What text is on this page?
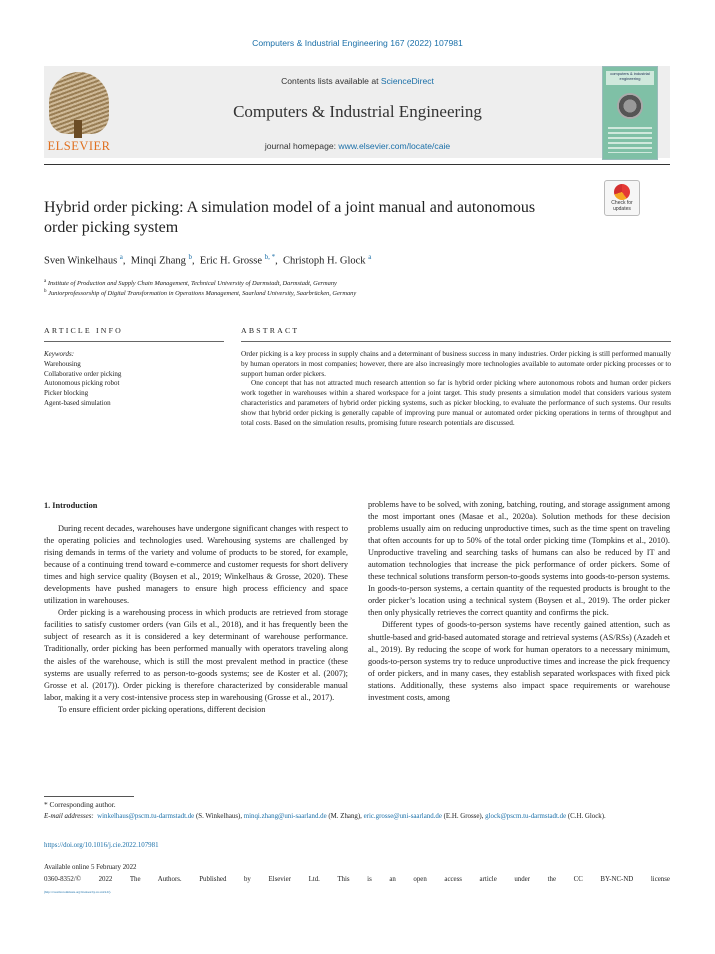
Computers & Industrial Engineering 167 (2022) 107981
ELSEVIER
Contents lists available at ScienceDirect
Computers & Industrial Engineering
journal homepage: www.elsevier.com/locate/caie
computers & industrial engineering
Check for
updates
Hybrid order picking: A simulation model of a joint manual and autonomous order picking system
Sven Winkelhaus $^a$,  Minqi Zhang $^b$,  Eric H. Grosse $^{b, *}$,  Christoph H. Glock $^a$
$^a$ Institute of Production and Supply Chain Management, Technical University of Darmstadt, Darmstadt, Germany
$^b$ Juniorprofessorship of Digital Transformation in Operations Management, Saarland University, Saarbrücken, Germany
ARTICLE INFO	ABSTRACT
Keywords:
Warehousing
Collaborative order picking
Autonomous picking robot
Picker blocking
Agent-based simulation

Order picking is a key process in supply chains and a determinant of business success in many industries. Order picking is still performed manually by human operators in most companies; however, there are also increasingly more technologies available to automate order picking processes or to support human order pickers.

One concept that has not attracted much research attention so far is hybrid order picking where autonomous robots and human order pickers work together in warehouses within a shared workspace for a joint target. This study presents a simulation model that considers various system characteristics and parameters of hybrid order picking systems, such as picker blocking, to evaluate the performance of such systems. Our results show that hybrid order picking is generally capable of improving pure manual or automated order picking operations in terms of throughput and total costs. Based on the simulation results, promising future research potentials are discussed.

1. Introduction

During recent decades, warehouses have undergone significant changes with respect to the operating policies and technologies used. Warehousing systems are challenged by rising demands in terms of the variety and volume of products to be stored, for example, because of a continuing trend toward e-commerce and customer requests for short delivery times and high service quality (Boysen et al., 2019; Winkelhaus & Grosse, 2020). These developments have pushed managers to ensure high process efficiency and space utilization in warehouses.

Order picking is a warehousing process in which products are retrieved from storage facilities to satisfy customer orders (van Gils et al., 2018), and it has frequently been the subject of research as it is considered a key determinant of warehouse performance. Traditionally, order picking has been performed manually with operators traveling along the aisles of the warehouse, which is still the most prevalent method in practice (these systems are usually referred to as person-to-goods systems; see de Koster et al. (2007); Grosse et al. (2017)). Order picking is therefore characterized by considerable manual labor, making it a very cost-intensive process step in warehousing (Grosse et al., 2017).

To ensure efficient order picking operations, different decision

problems have to be solved, with zoning, batching, routing, and storage assignment among the most important ones (Masae et al., 2020a). Solution methods for these decision problems usually aim on reducing unproductive times, such as the time spent on traveling that often accounts for up to 50% of the total order picking time (Tompkins et al., 2010). Unproductive traveling and searching tasks of humans can also be reduced by IT and automation technologies that increase the pick performance of order pickers. Some of these technical solutions transform person-to-goods systems into goods-to-person systems. In goods-to-person systems, a certain quantity of the requested products is brought to the order picker’s location using a technical system (Boysen et al., 2019). The order picker then only physically retrieves the correct quantity and confirms the pick.

Different types of goods-to-person systems have recently gained attention, such as shuttle-based and grid-based automated storage and retrieval systems (AS/RSs) (Azadeh et al., 2019). By reducing the scope of work for human operators to a necessary minimum, goods-to-person systems try to reduce unproductive times and increase the pick frequency of order pickers, and in many cases, they establish separated workspaces with fixed pick stations. Additionally, these systems also impact space requirements or warehouse investment costs, among

* Corresponding author.
E-mail addresses: winkelhaus@pscm.tu-darmstadt.de (S. Winkelhaus), minqi.zhang@uni-saarland.de (M. Zhang), eric.grosse@uni-saarland.de (E.H. Grosse), glock@pscm.tu-darmstadt.de (C.H. Glock).
https://doi.org/10.1016/j.cie.2022.107981
Available online 5 February 2022
0360-8352/© 2022 The Authors. Published by Elsevier Ltd. This is an open access article under the CC BY-NC-ND license
(http://creativecommons.org/licenses/by-nc-nd/4.0/).
